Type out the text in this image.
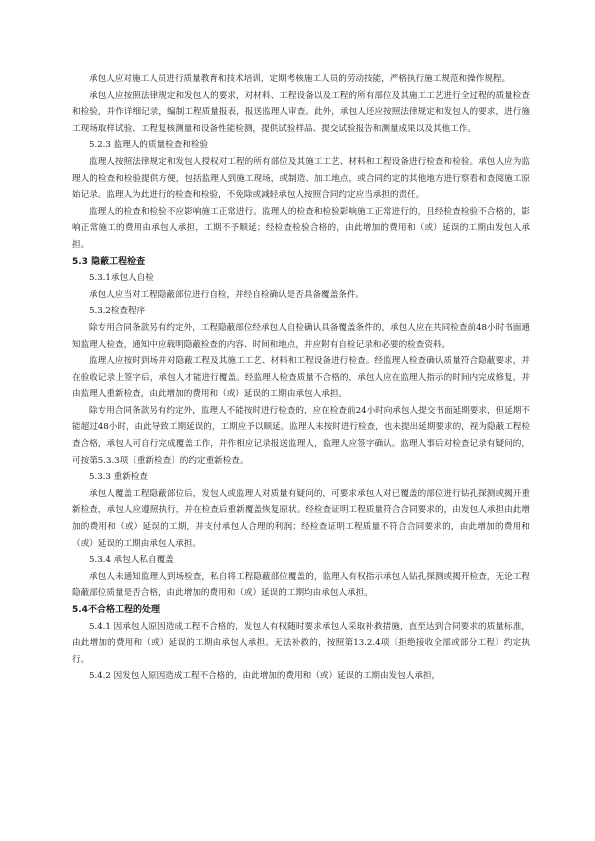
承包人应对施工人员进行质量教育和技术培训，定期考核施工人员的劳动技能，严格执行施工规范和操作规程。

承包人应按照法律规定和发包人的要求，对材料、工程设备以及工程的所有部位及其施工工艺进行全过程的质量检查和检验，并作详细记录，编制工程质量报表，报送监理人审查。此外，承包人还应按照法律规定和发包人的要求，进行施工现场取样试验、工程复核测量和设备性能检测，提供试验样品、提交试验报告和测量成果以及其他工作。

5.2.3 监理人的质量检查和检验

监理人按照法律规定和发包人授权对工程的所有部位及其施工工艺、材料和工程设备进行检查和检验。承包人应为监理人的检查和检验提供方便，包括监理人到施工现场，或制造、加工地点，或合同约定的其他地方进行察看和查阅施工原始记录。监理人为此进行的检查和检验，不免除或减轻承包人按照合同约定应当承担的责任。

监理人的检查和检验不应影响施工正常进行。监理人的检查和检验影响施工正常进行的，且经检查检验不合格的，影响正常施工的费用由承包人承担，工期不予顺延；经检查检验合格的，由此增加的费用和（或）延误的工期由发包人承担。

5.3 隐蔽工程检查

5.3.1承包人自检

承包人应当对工程隐蔽部位进行自检，并经自检确认是否具备覆盖条件。

5.3.2检查程序

除专用合同条款另有约定外，工程隐蔽部位经承包人自检确认具备覆盖条件的，承包人应在共同检查前48小时书面通知监理人检查，通知中应载明隐蔽检查的内容、时间和地点，并应附有自检记录和必要的检查资料。

监理人应按时到场并对隐蔽工程及其施工工艺、材料和工程设备进行检查。经监理人检查确认质量符合隐蔽要求，并在验收记录上签字后，承包人才能进行覆盖。经监理人检查质量不合格的，承包人应在监理人指示的时间内完成修复，并由监理人重新检查，由此增加的费用和（或）延误的工期由承包人承担。

除专用合同条款另有约定外，监理人不能按时进行检查的，应在检查前24小时向承包人提交书面延期要求，但延期不能超过48小时，由此导致工期延误的，工期应予以顺延。监理人未按时进行检查，也未提出延期要求的，视为隐蔽工程检查合格，承包人可自行完成覆盖工作，并作相应记录报送监理人，监理人应签字确认。监理人事后对检查记录有疑问的，可按第5.3.3项〔重新检查〕的约定重新检查。

5.3.3 重新检查

承包人覆盖工程隐蔽部位后，发包人或监理人对质量有疑问的，可要求承包人对已覆盖的部位进行钻孔探测或揭开重新检查，承包人应遵照执行，并在检查后重新覆盖恢复原状。经检查证明工程质量符合合同要求的，由发包人承担由此增加的费用和（或）延误的工期，并支付承包人合理的利润；经检查证明工程质量不符合合同要求的，由此增加的费用和（或）延误的工期由承包人承担。

5.3.4 承包人私自覆盖

承包人未通知监理人到场检查，私自将工程隐蔽部位覆盖的，监理人有权指示承包人钻孔探测或揭开检查，无论工程隐蔽部位质量是否合格，由此增加的费用和（或）延误的工期均由承包人承担。

5.4不合格工程的处理

5.4.1 因承包人原因造成工程不合格的，发包人有权随时要求承包人采取补救措施，直至达到合同要求的质量标准，由此增加的费用和（或）延误的工期由承包人承担。无法补救的，按照第13.2.4项〔拒绝接收全部或部分工程〕约定执行。

5.4.2 因发包人原因造成工程不合格的，由此增加的费用和（或）延误的工期由发包人承担，
